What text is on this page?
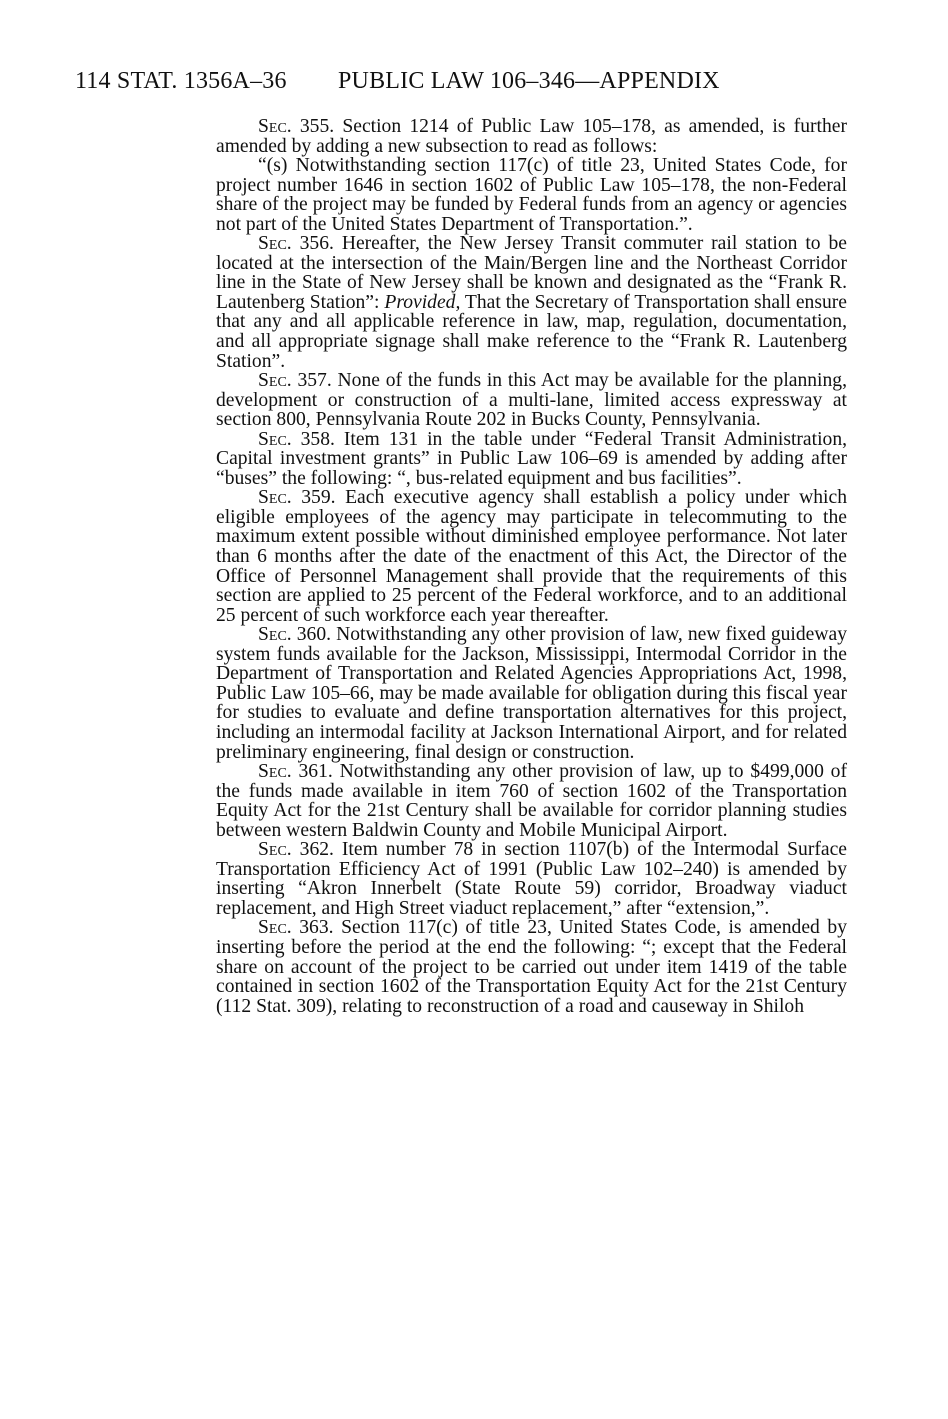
114 STAT. 1356A–36 PUBLIC LAW 106–346—APPENDIX

Sec. 355. Section 1214 of Public Law 105–178, as amended, is further amended by adding a new subsection to read as follows:

“(s) Notwithstanding section 117(c) of title 23, United States Code, for project number 1646 in section 1602 of Public Law 105–178, the non-Federal share of the project may be funded by Federal funds from an agency or agencies not part of the United States Department of Transportation.”.

Sec. 356. Hereafter, the New Jersey Transit commuter rail station to be located at the intersection of the Main/Bergen line and the Northeast Corridor line in the State of New Jersey shall be known and designated as the “Frank R. Lautenberg Station”: Provided, That the Secretary of Transportation shall ensure that any and all applicable reference in law, map, regulation, documentation, and all appropriate signage shall make reference to the “Frank R. Lautenberg Station”.

Sec. 357. None of the funds in this Act may be available for the planning, development or construction of a multi-lane, limited access expressway at section 800, Pennsylvania Route 202 in Bucks County, Pennsylvania.

Sec. 358. Item 131 in the table under “Federal Transit Administration, Capital investment grants” in Public Law 106–69 is amended by adding after “buses” the following: “, bus-related equipment and bus facilities”.

Sec. 359. Each executive agency shall establish a policy under which eligible employees of the agency may participate in telecommuting to the maximum extent possible without diminished employee performance. Not later than 6 months after the date of the enactment of this Act, the Director of the Office of Personnel Management shall provide that the requirements of this section are applied to 25 percent of the Federal workforce, and to an additional 25 percent of such workforce each year thereafter.

Sec. 360. Notwithstanding any other provision of law, new fixed guideway system funds available for the Jackson, Mississippi, Intermodal Corridor in the Department of Transportation and Related Agencies Appropriations Act, 1998, Public Law 105–66, may be made available for obligation during this fiscal year for studies to evaluate and define transportation alternatives for this project, including an intermodal facility at Jackson International Airport, and for related preliminary engineering, final design or construction.

Sec. 361. Notwithstanding any other provision of law, up to $499,000 of the funds made available in item 760 of section 1602 of the Transportation Equity Act for the 21st Century shall be available for corridor planning studies between western Baldwin County and Mobile Municipal Airport.

Sec. 362. Item number 78 in section 1107(b) of the Intermodal Surface Transportation Efficiency Act of 1991 (Public Law 102–240) is amended by inserting “Akron Innerbelt (State Route 59) corridor, Broadway viaduct replacement, and High Street viaduct replacement,” after “extension,”.

Sec. 363. Section 117(c) of title 23, United States Code, is amended by inserting before the period at the end the following: “; except that the Federal share on account of the project to be carried out under item 1419 of the table contained in section 1602 of the Transportation Equity Act for the 21st Century (112 Stat. 309), relating to reconstruction of a road and causeway in Shiloh
